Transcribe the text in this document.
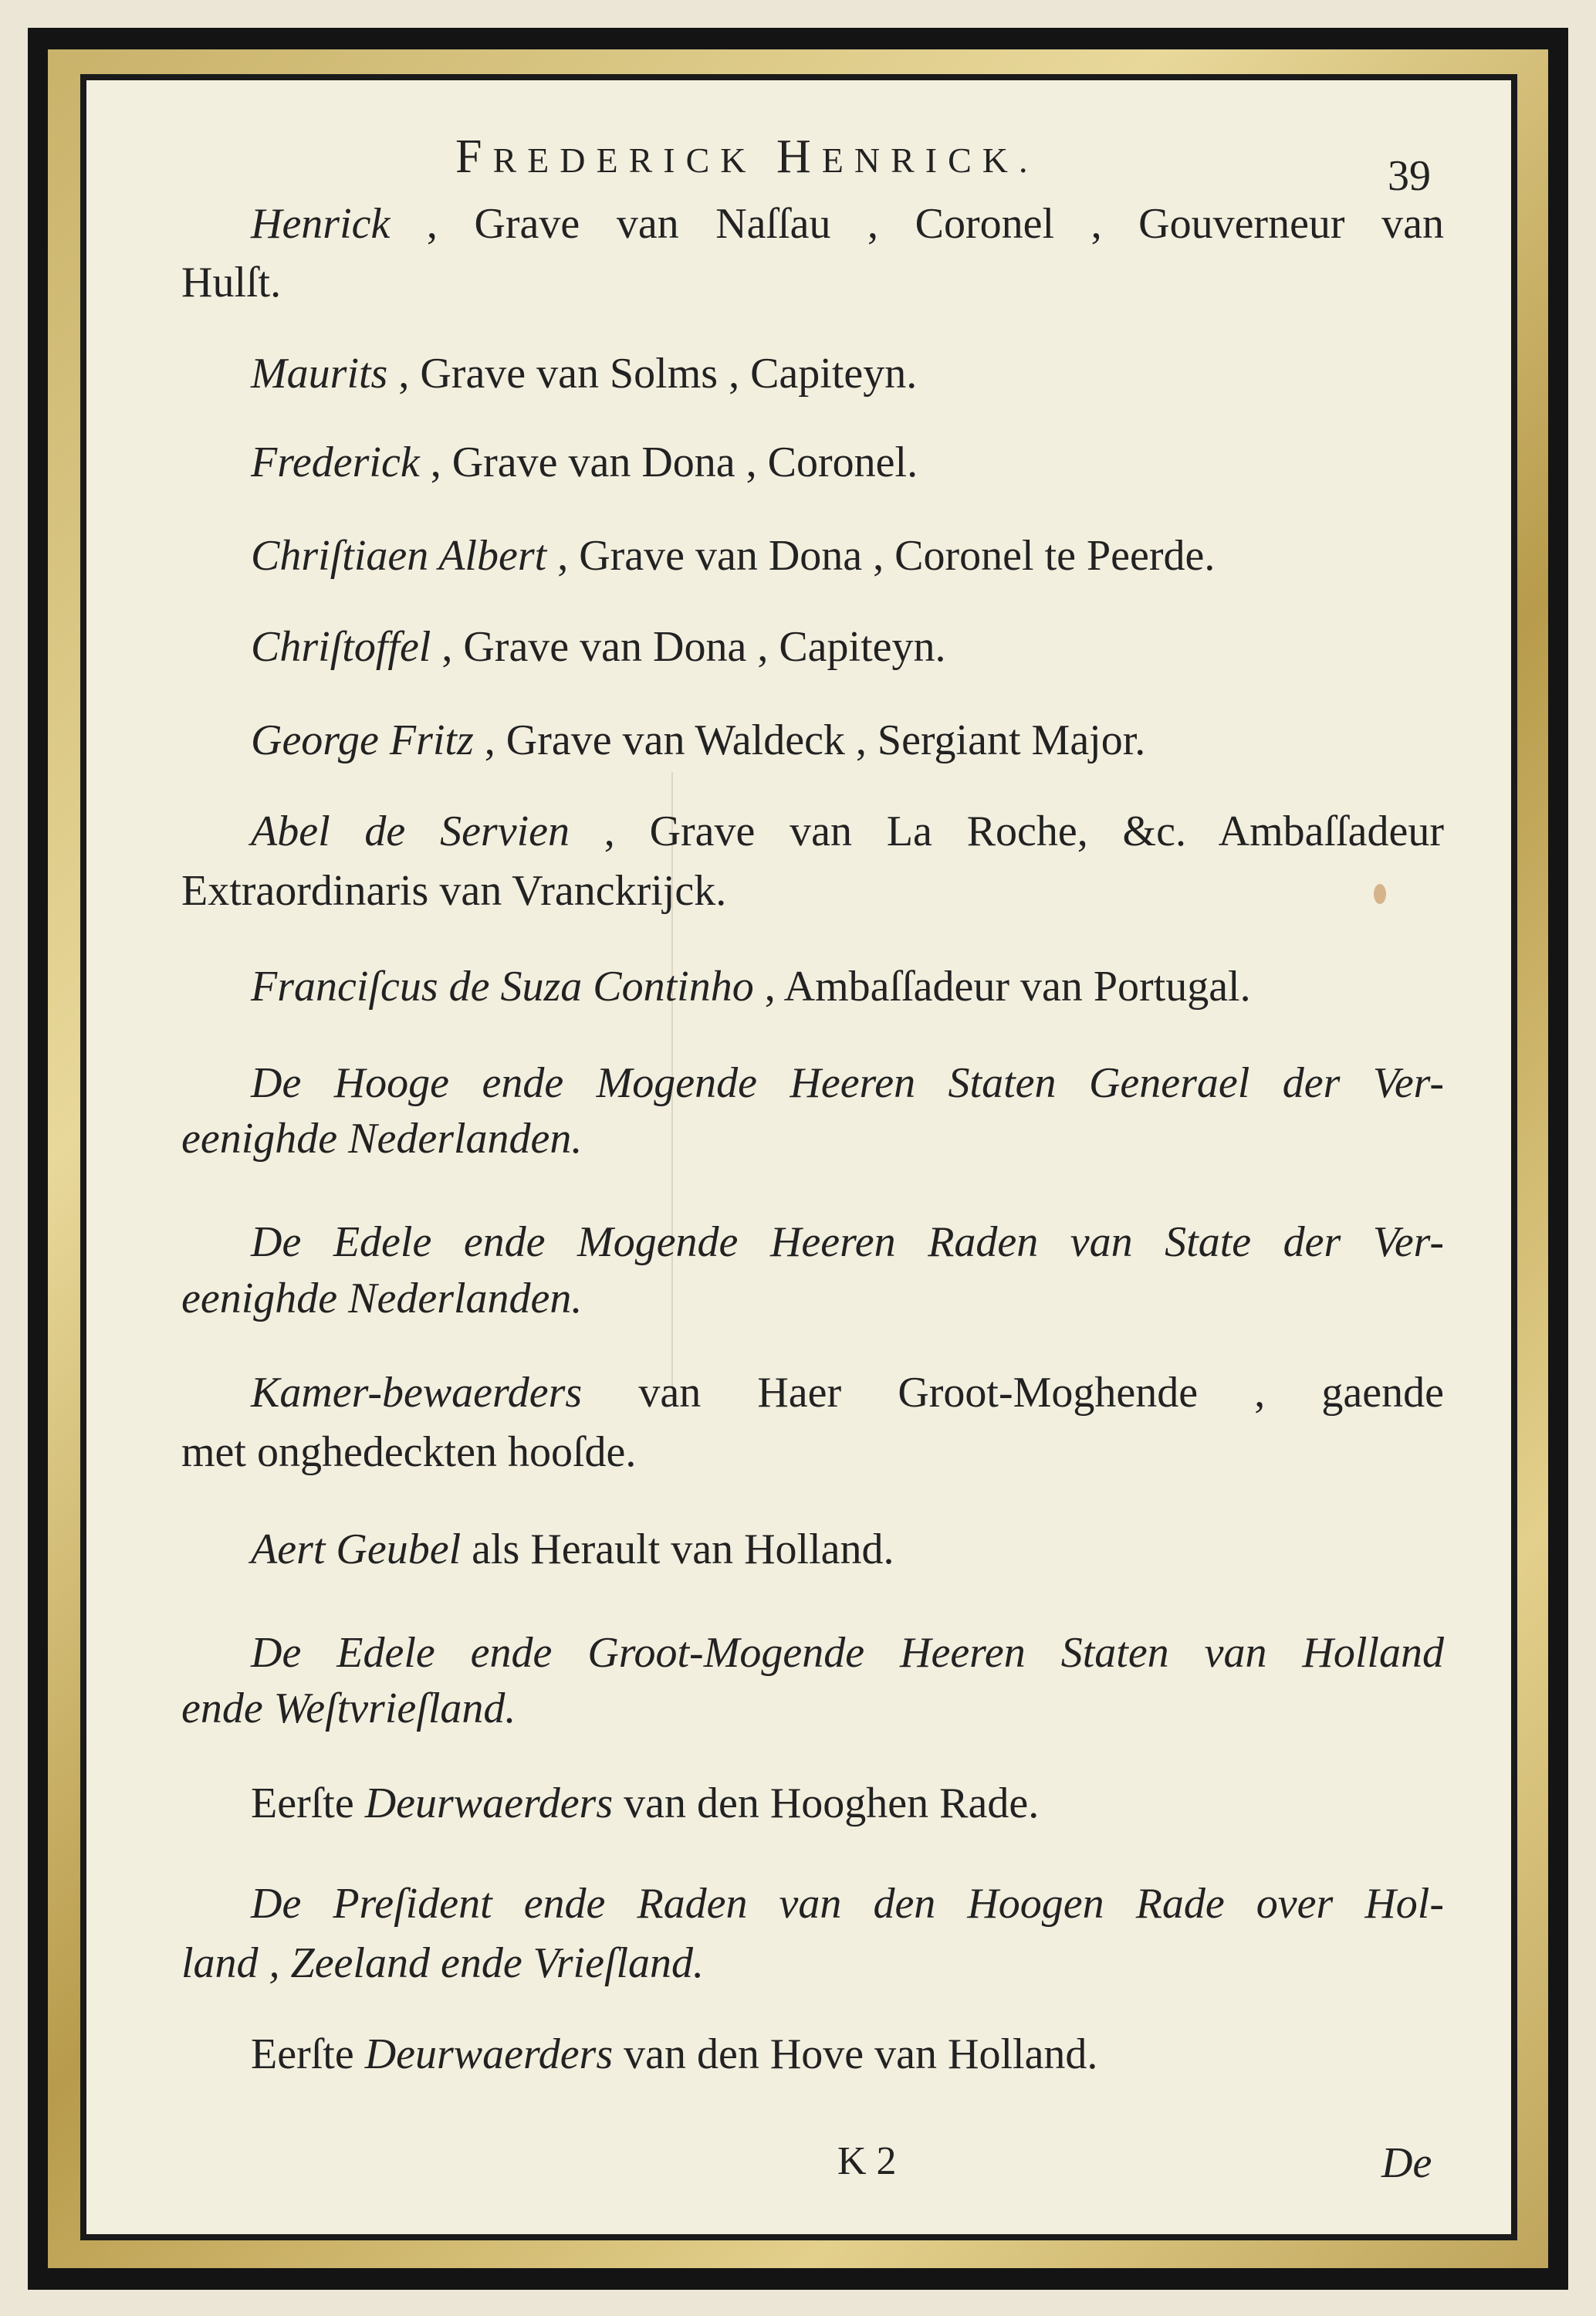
FREDERICK HENRICK.	39
Henrick , Grave van Naſſau , Coronel , Gouverneur van
Hulſt.
Maurits , Grave van Solms , Capiteyn.
Frederick , Grave van Dona , Coronel.
Chriſtiaen Albert , Grave van Dona , Coronel te Peerde.
Chriſtoffel , Grave van Dona , Capiteyn.
George Fritz , Grave van Waldeck , Sergiant Major.
Abel de Servien , Grave van La Roche, &c. Ambaſſadeur
Extraordinaris van Vranckrijck.
Franciſcus de Suza Continho , Ambaſſadeur van Portugal.
De Hooge ende Mogende Heeren Staten Generael der Ver-
eenighde Nederlanden.
De Edele ende Mogende Heeren Raden van State der Ver-
eenighde Nederlanden.
Kamer-bewaerders van Haer Groot-Moghende , gaende
met onghedeckten hooſde.
Aert Geubel als Herault van Holland.
De Edele ende Groot-Mogende Heeren Staten van Holland
ende Weſtvrieſland.
Eerſte Deurwaerders van den Hooghen Rade.
De Preſident ende Raden van den Hoogen Rade over Hol-
land , Zeeland ende Vrieſland.
Eerſte Deurwaerders van den Hove van Holland.
K 2	De
